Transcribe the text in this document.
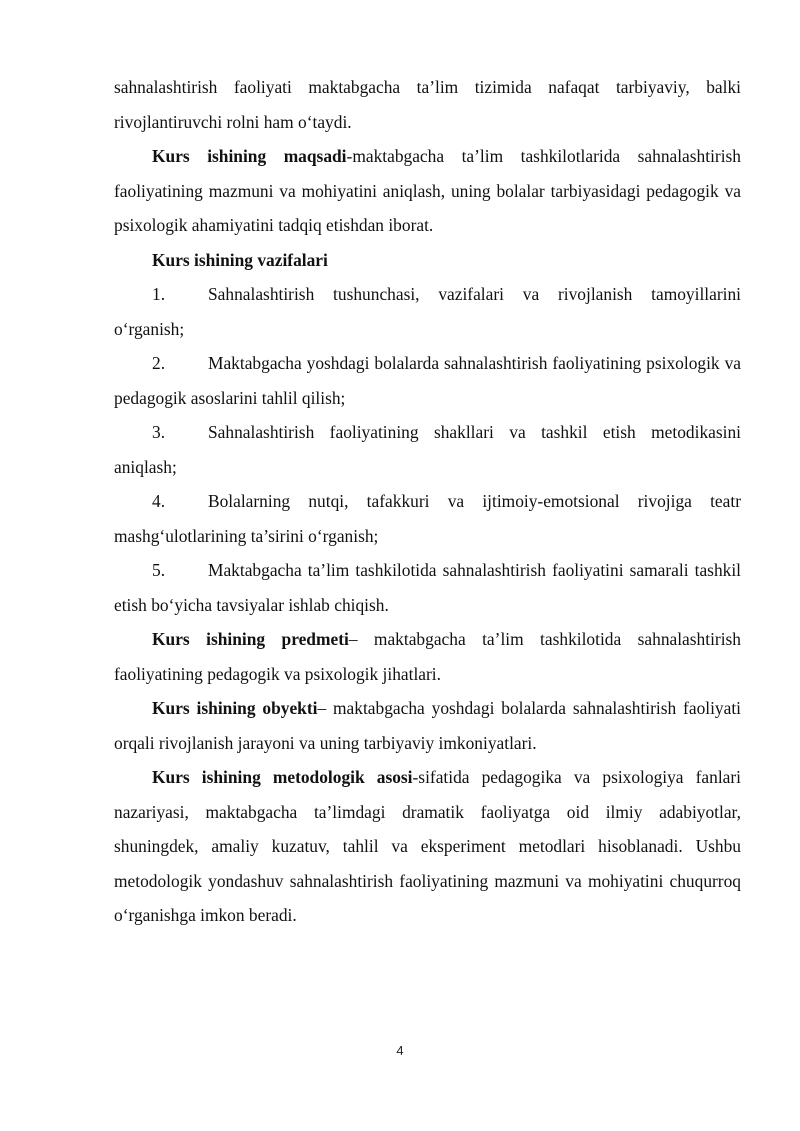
sahnalashtirish faoliyati maktabgacha ta’lim tizimida nafaqat tarbiyaviy, balki rivojlantiruvchi rolni ham o‘taydi.

Kurs ishining maqsadi-maktabgacha ta’lim tashkilotlarida sahnalashtirish faoliyatining mazmuni va mohiyatini aniqlash, uning bolalar tarbiyasidagi pedagogik va psixologik ahamiyatini tadqiq etishdan iborat.

Kurs ishining vazifalari

1. Sahnalashtirish tushunchasi, vazifalari va rivojlanish tamoyillarini o‘rganish;

2. Maktabgacha yoshdagi bolalarda sahnalashtirish faoliyatining psixologik va pedagogik asoslarini tahlil qilish;

3. Sahnalashtirish faoliyatining shakllari va tashkil etish metodikasini aniqlash;

4. Bolalarning nutqi, tafakkuri va ijtimoiy-emotsional rivojiga teatr mashg‘ulotlarining ta’sirini o‘rganish;

5. Maktabgacha ta’lim tashkilotida sahnalashtirish faoliyatini samarali tashkil etish bo‘yicha tavsiyalar ishlab chiqish.

Kurs ishining predmeti– maktabgacha ta’lim tashkilotida sahnalashtirish faoliyatining pedagogik va psixologik jihatlari.

Kurs ishining obyekti– maktabgacha yoshdagi bolalarda sahnalashtirish faoliyati orqali rivojlanish jarayoni va uning tarbiyaviy imkoniyatlari.

Kurs ishining metodologik asosi-sifatida pedagogika va psixologiya fanlari nazariyasi, maktabgacha ta’limdagi dramatik faoliyatga oid ilmiy adabiyotlar, shuningdek, amaliy kuzatuv, tahlil va eksperiment metodlari hisoblanadi. Ushbu metodologik yondashuv sahnalashtirish faoliyatining mazmuni va mohiyatini chuqurroq o‘rganishga imkon beradi.

4
